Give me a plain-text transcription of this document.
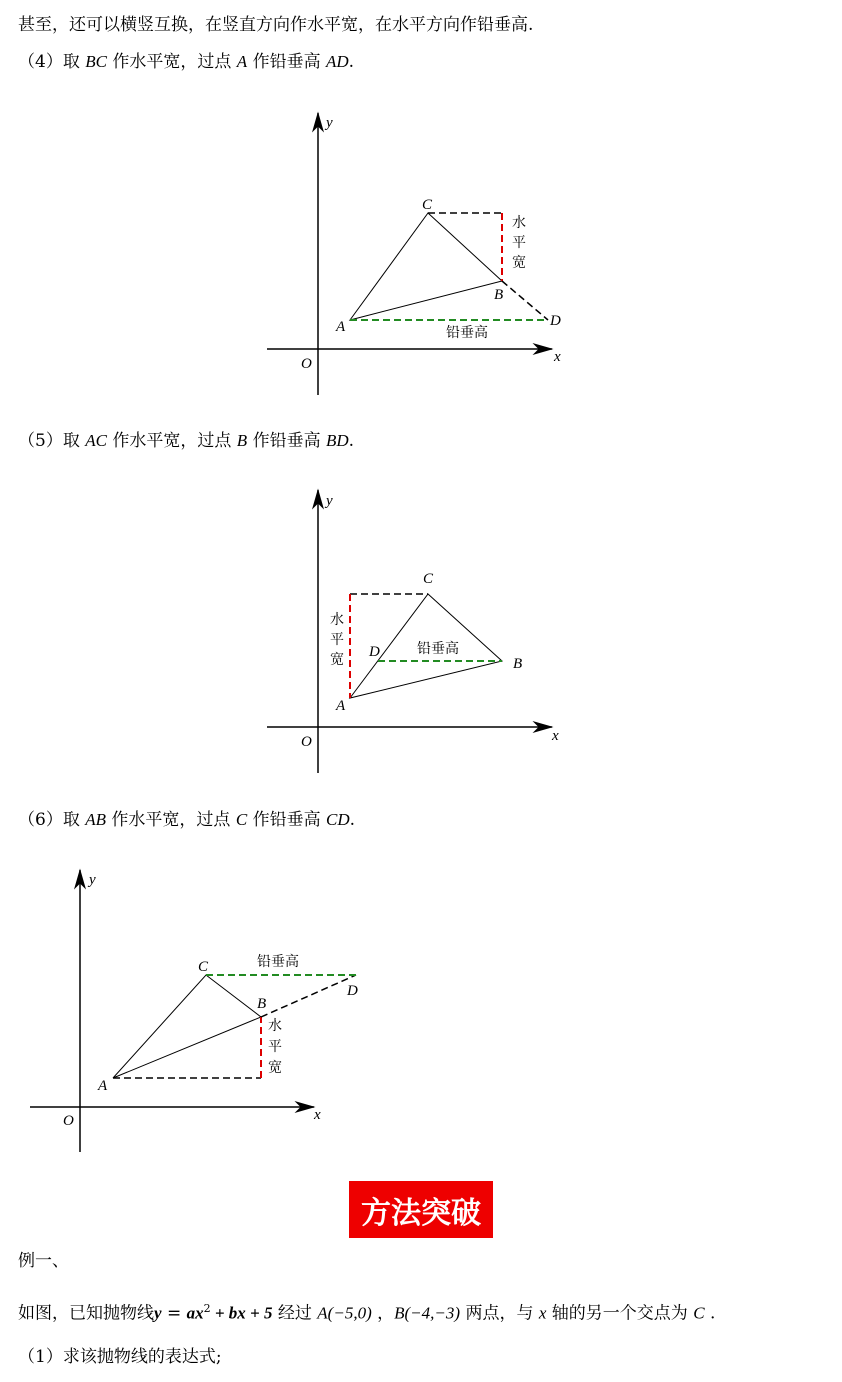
甚至，还可以横竖互换，在竖直方向作水平宽，在水平方向作铅垂高.
（4）取 BC 作水平宽，过点 A 作铅垂高 AD.
（5）取 AC 作水平宽，过点 B 作铅垂高 BD.
（6）取 AB 作水平宽，过点 C 作铅垂高 CD.
y
x
O
A
C
B
D
水
平
宽
铅垂高
y
x
O
A
C
B
D
水
平
宽
铅垂高
y
x
O
A
C
B
D
水
平
宽
铅垂高
方法突破
例一、
如图，已知抛物线$y = ax^2$ + bx + 5 经过 A(−5,0) ，B(−4,−3) 两点，与 x 轴的另一个交点为 C .
（1）求该抛物线的表达式;
